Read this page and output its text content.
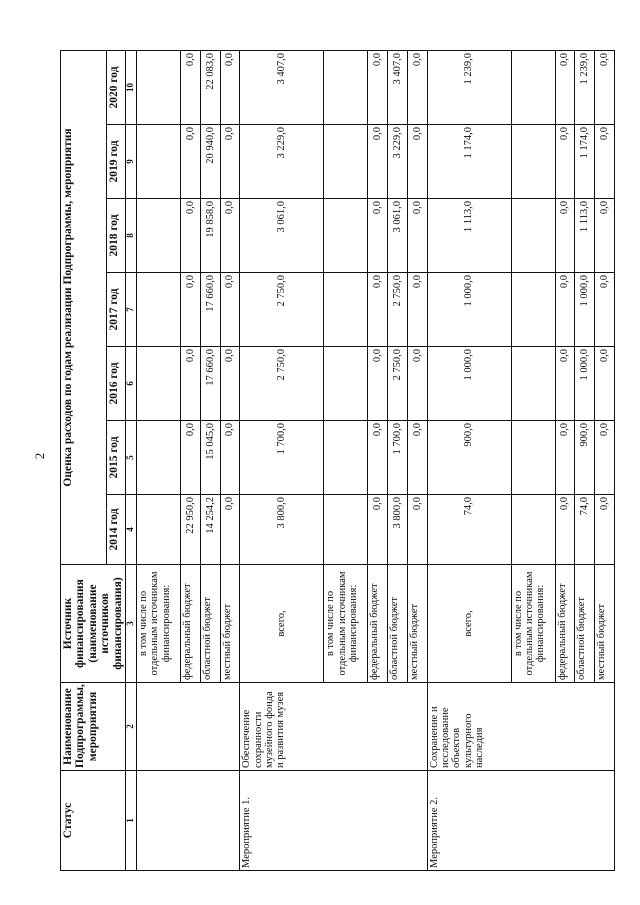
2
Статус	Наименование Подпрограммы, мероприятия	Источник финансирования (наименование источников финансирования)	Оценка расходов по годам реализации Подпрограммы, мероприятия						
			2014 год	2015 год	2016 год	2017 год	2018 год	2019 год	2020 год
1	2	3	4	5	6	7	8	9	10
		в том числе по отдельным источникам финансирования:							
		федеральный бюджет	22 950,0	0,0	0,0	0,0	0,0	0,0	0,0
		областной бюджет	14 254,2	15 045,0	17 660,0	17 660,0	19 858,0	20 940,0	22 083,0
		местный бюджет	0,0	0,0	0,0	0,0	0,0	0,0	0,0
Мероприятие 1.	Обеспечение сохранности музейного фонда и развития музея	всего,	3 800,0	1 700,0	2 750,0	2 750,0	3 061,0	3 229,0	3 407,0
		в том числе по отдельным источникам финансирования:							
		федеральный бюджет	0,0	0,0	0,0	0,0	0,0	0,0	0,0
		областной бюджет	3 800,0	1 700,0	2 750,0	2 750,0	3 061,0	3 229,0	3 407,0
		местный бюджет	0,0	0,0	0,0	0,0	0,0	0,0	0,0
Мероприятие 2.	Сохранение и исследование объектов культурного наследия	всего,	74,0	900,0	1 000,0	1 000,0	1 113,0	1 174,0	1 239,0
		в том числе по отдельным источникам финансирования:							
		федеральный бюджет	0,0	0,0	0,0	0,0	0,0	0,0	0,0
		областной бюджет	74,0	900,0	1 000,0	1 000,0	1 113,0	1 174,0	1 239,0
		местный бюджет	0,0	0,0	0,0	0,0	0,0	0,0	0,0
